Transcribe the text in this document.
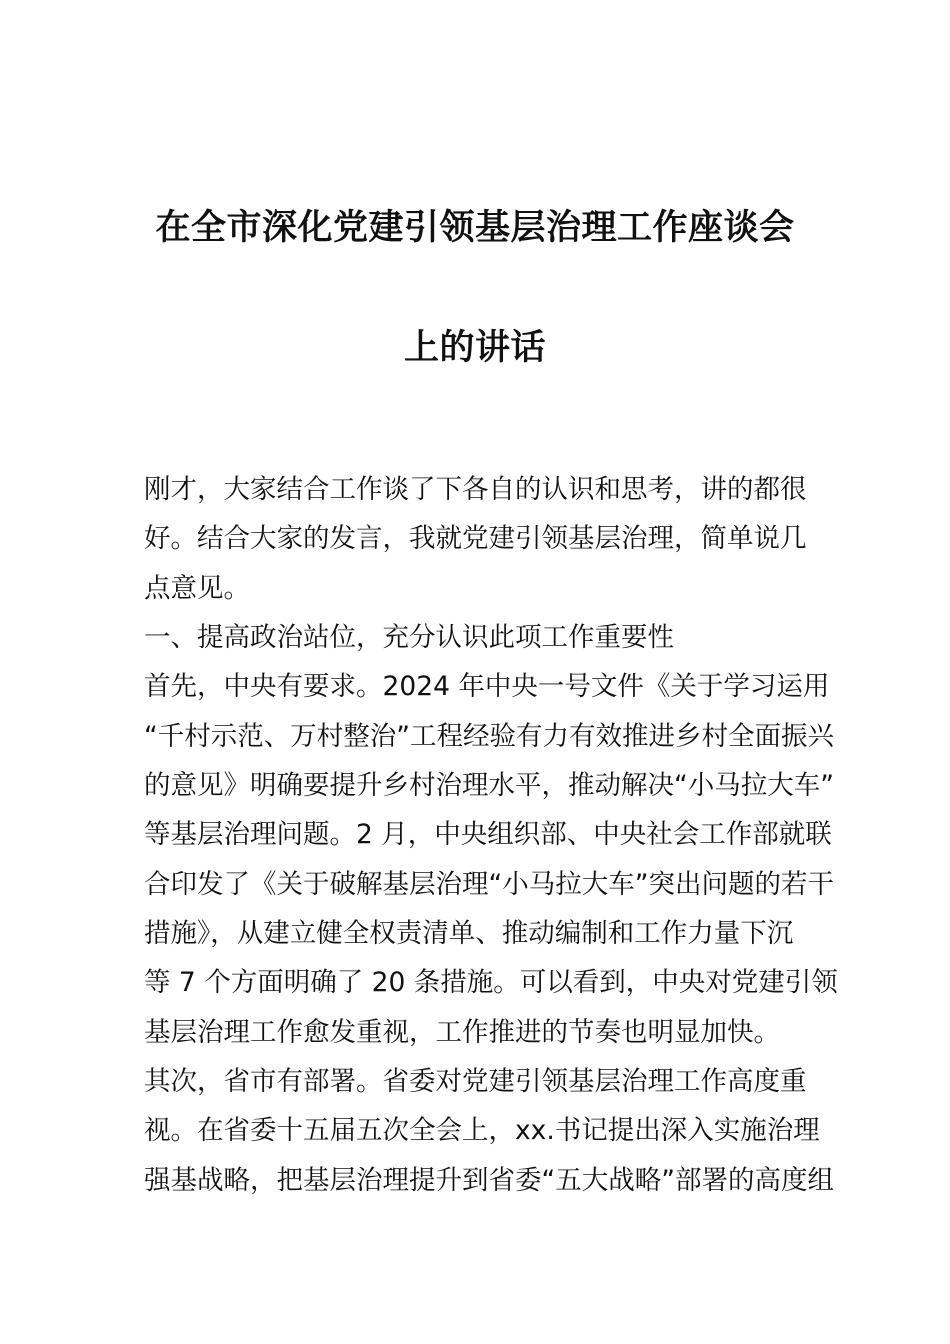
在全市深化党建引领基层治理工作座谈会
上的讲话
刚才，大家结合工作谈了下各自的认识和思考，讲的都很
好。结合大家的发言，我就党建引领基层治理，简单说几
点意见。
一、提高政治站位，充分认识此项工作重要性
首先，中央有要求。2024 年中央一号文件《关于学习运用
“千村示范、万村整治”工程经验有力有效推进乡村全面振兴
的意见》明确要提升乡村治理水平，推动解决“小马拉大车”
等基层治理问题。2 月，中央组织部、中央社会工作部就联
合印发了《关于破解基层治理“小马拉大车”突出问题的若干
措施》，从建立健全权责清单、推动编制和工作力量下沉
等 7 个方面明确了 20 条措施。可以看到，中央对党建引领
基层治理工作愈发重视，工作推进的节奏也明显加快。
其次，省市有部署。省委对党建引领基层治理工作高度重
视。在省委十五届五次全会上，xx.书记提出深入实施治理
强基战略，把基层治理提升到省委“五大战略”部署的高度组
